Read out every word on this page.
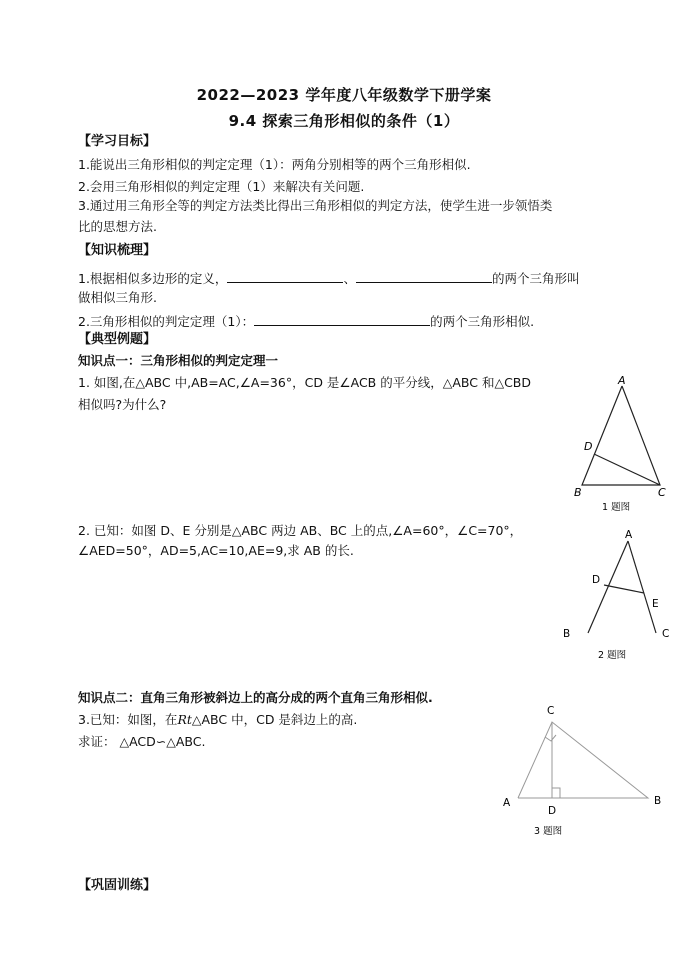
2022—2023 学年度八年级数学下册学案
9.4 探索三角形相似的条件（1）
【学习目标】
1.能说出三角形相似的判定定理（1）：两角分别相等的两个三角形相似.
2.会用三角形相似的判定定理（1）来解决有关问题.
3.通过用三角形全等的判定方法类比得出三角形相似的判定方法，使学生进一步领悟类
比的思想方法.
【知识梳理】
1.根据相似多边形的定义，	、	的两个三角形叫
做相似三角形.
2.三角形相似的判定定理（1）：	的两个三角形相似.
【典型例题】
知识点一：三角形相似的判定定理一
1. 如图,在△ABC 中,AB=AC,∠A=36°，CD 是∠ACB 的平分线，△ABC 和△CBD
相似吗?为什么?
A
D
B	C
1 题图
2. 已知：如图 D、E 分别是△ABC 两边 AB、BC 上的点,∠A=60°，∠C=70°，
∠AED=50°，AD=5,AC=10,AE=9,求 AB 的长.
A
D
E
B	C
2 题图
知识点二：直角三角形被斜边上的高分成的两个直角三角形相似.
3.已知：如图，在Rt△ABC 中，CD 是斜边上的高.
求证： △ACD∽△ABC.
C
A
D
B
3 题图
【巩固训练】
